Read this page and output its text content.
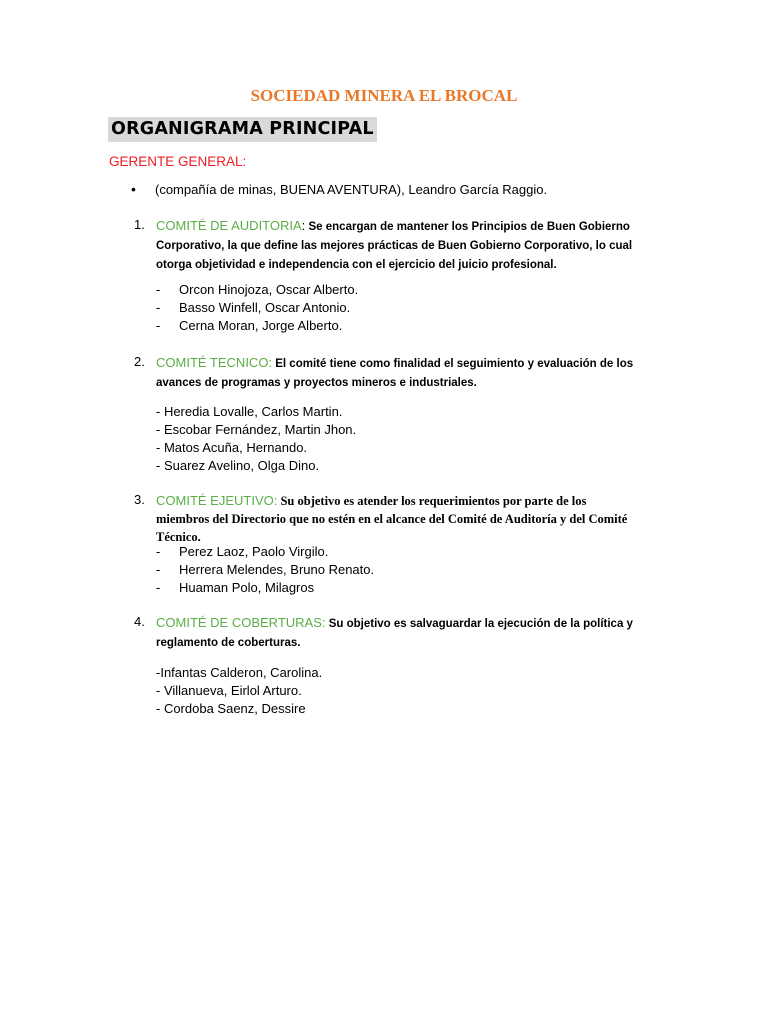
SOCIEDAD MINERA EL BROCAL
ORGANIGRAMA PRINCIPAL
GERENTE GENERAL:
• (compañía de minas, BUENA AVENTURA), Leandro García Raggio.
1. COMITÉ DE AUDITORIA: Se encargan de mantener los Principios de Buen Gobierno Corporativo, la que define las mejores prácticas de Buen Gobierno Corporativo, lo cual otorga objetividad e independencia con el ejercicio del juicio profesional.
- Orcon Hinojoza, Oscar Alberto.
- Basso Winfell, Oscar Antonio.
- Cerna Moran, Jorge Alberto.
2. COMITÉ TECNICO: El comité tiene como finalidad el seguimiento y evaluación de los avances de programas y proyectos mineros e industriales.
- Heredia Lovalle, Carlos Martin.
- Escobar Fernández, Martin Jhon.
- Matos Acuña, Hernando.
- Suarez Avelino, Olga Dino.
3. COMITÉ EJEUTIVO: Su objetivo es atender los requerimientos por parte de los miembros del Directorio que no estén en el alcance del Comité de Auditoría y del Comité Técnico.
- Perez Laoz, Paolo Virgilo.
- Herrera Melendes, Bruno Renato.
- Huaman Polo, Milagros
4. COMITÉ DE COBERTURAS: Su objetivo es salvaguardar la ejecución de la política y reglamento de coberturas.
-Infantas Calderon, Carolina.
- Villanueva, Eirlol Arturo.
- Cordoba Saenz, Dessire
